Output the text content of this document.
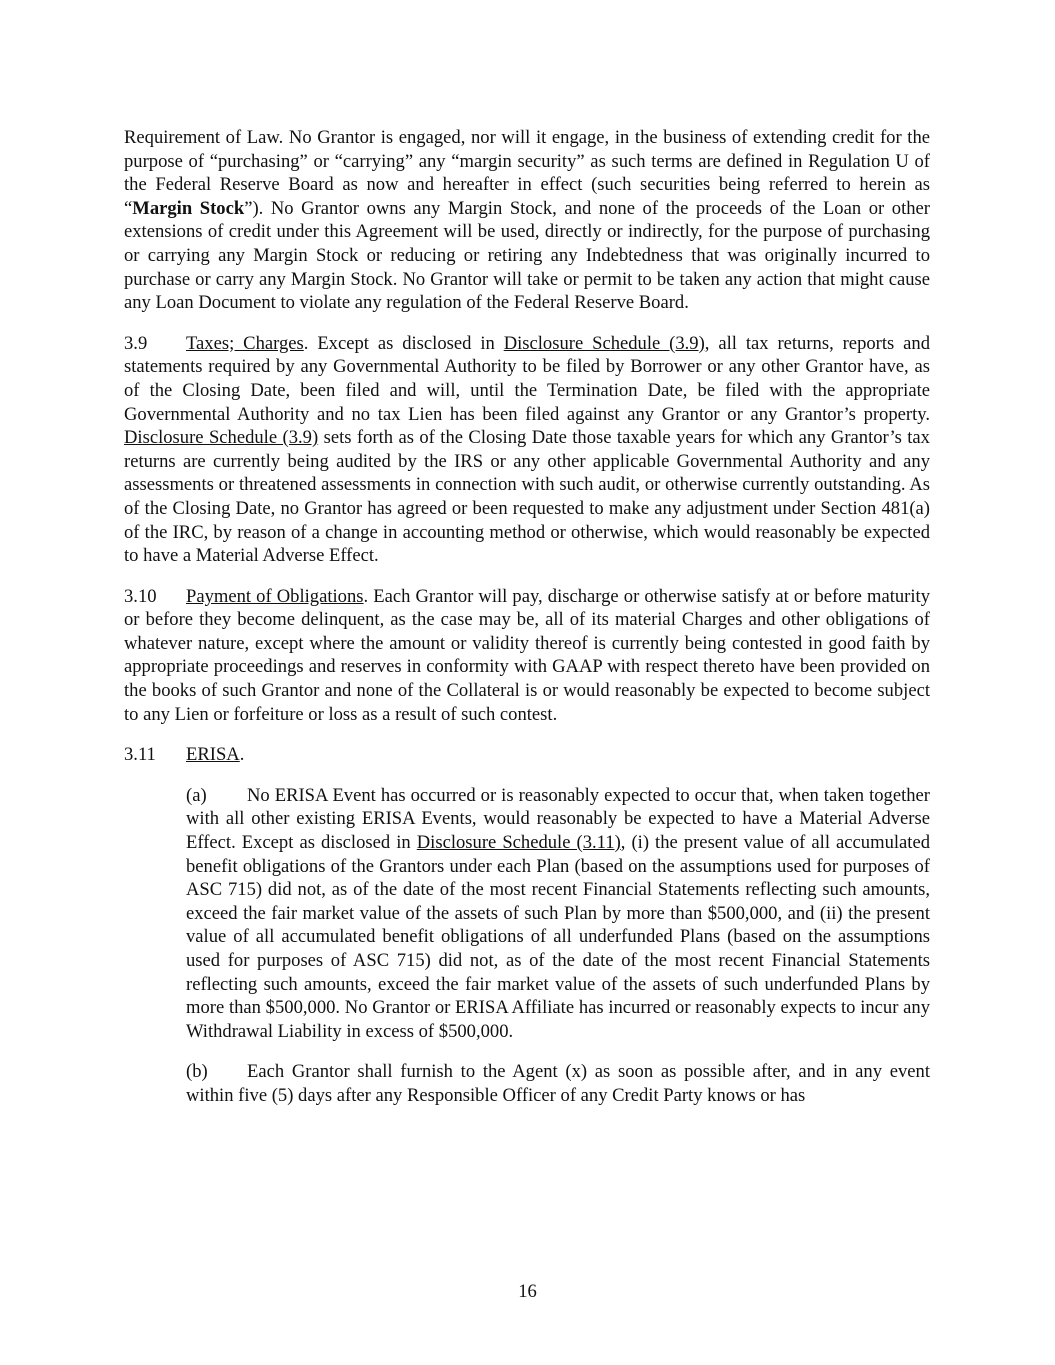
Requirement of Law. No Grantor is engaged, nor will it engage, in the business of extending credit for the purpose of “purchasing” or “carrying” any “margin security” as such terms are defined in Regulation U of the Federal Reserve Board as now and hereafter in effect (such securities being referred to herein as “Margin Stock”). No Grantor owns any Margin Stock, and none of the proceeds of the Loan or other extensions of credit under this Agreement will be used, directly or indirectly, for the purpose of purchasing or carrying any Margin Stock or reducing or retiring any Indebtedness that was originally incurred to purchase or carry any Margin Stock. No Grantor will take or permit to be taken any action that might cause any Loan Document to violate any regulation of the Federal Reserve Board.

3.9 Taxes; Charges. Except as disclosed in Disclosure Schedule (3.9), all tax returns, reports and statements required by any Governmental Authority to be filed by Borrower or any other Grantor have, as of the Closing Date, been filed and will, until the Termination Date, be filed with the appropriate Governmental Authority and no tax Lien has been filed against any Grantor or any Grantor’s property. Disclosure Schedule (3.9) sets forth as of the Closing Date those taxable years for which any Grantor’s tax returns are currently being audited by the IRS or any other applicable Governmental Authority and any assessments or threatened assessments in connection with such audit, or otherwise currently outstanding. As of the Closing Date, no Grantor has agreed or been requested to make any adjustment under Section 481(a) of the IRC, by reason of a change in accounting method or otherwise, which would reasonably be expected to have a Material Adverse Effect.

3.10 Payment of Obligations. Each Grantor will pay, discharge or otherwise satisfy at or before maturity or before they become delinquent, as the case may be, all of its material Charges and other obligations of whatever nature, except where the amount or validity thereof is currently being contested in good faith by appropriate proceedings and reserves in conformity with GAAP with respect thereto have been provided on the books of such Grantor and none of the Collateral is or would reasonably be expected to become subject to any Lien or forfeiture or loss as a result of such contest.

3.11 ERISA.

(a) No ERISA Event has occurred or is reasonably expected to occur that, when taken together with all other existing ERISA Events, would reasonably be expected to have a Material Adverse Effect. Except as disclosed in Disclosure Schedule (3.11), (i) the present value of all accumulated benefit obligations of the Grantors under each Plan (based on the assumptions used for purposes of ASC 715) did not, as of the date of the most recent Financial Statements reflecting such amounts, exceed the fair market value of the assets of such Plan by more than $500,000, and (ii) the present value of all accumulated benefit obligations of all underfunded Plans (based on the assumptions used for purposes of ASC 715) did not, as of the date of the most recent Financial Statements reflecting such amounts, exceed the fair market value of the assets of such underfunded Plans by more than $500,000. No Grantor or ERISA Affiliate has incurred or reasonably expects to incur any Withdrawal Liability in excess of $500,000.

(b) Each Grantor shall furnish to the Agent (x) as soon as possible after, and in any event within five (5) days after any Responsible Officer of any Credit Party knows or has

16
